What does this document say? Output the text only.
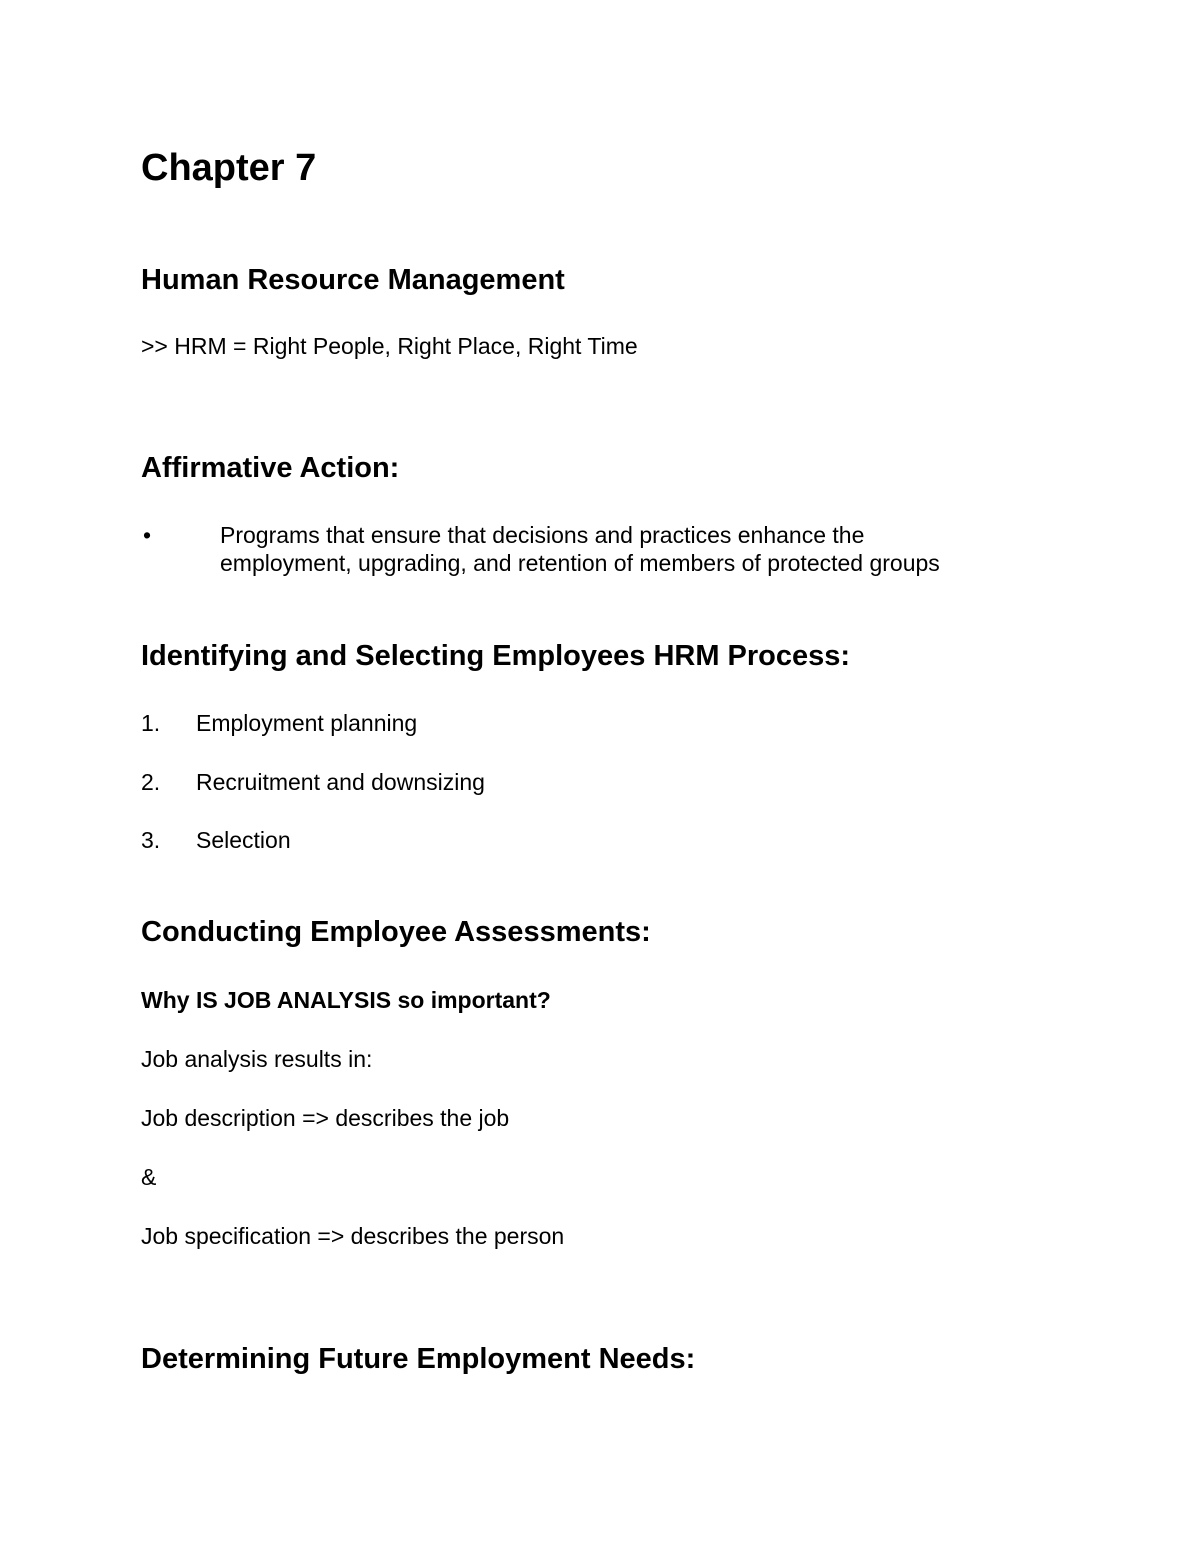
Chapter 7
Human Resource Management

>> HRM = Right People, Right Place, Right Time

Affirmative Action:
•	Programs that ensure that decisions and practices enhance the
employment, upgrading, and retention of members of protected groups
Identifying and Selecting Employees HRM Process:
1. Employment planning
2. Recruitment and downsizing
3. Selection
Conducting Employee Assessments:

Why IS JOB ANALYSIS so important?

Job analysis results in:

Job description => describes the job

&

Job specification => describes the person

Determining Future Employment Needs:
